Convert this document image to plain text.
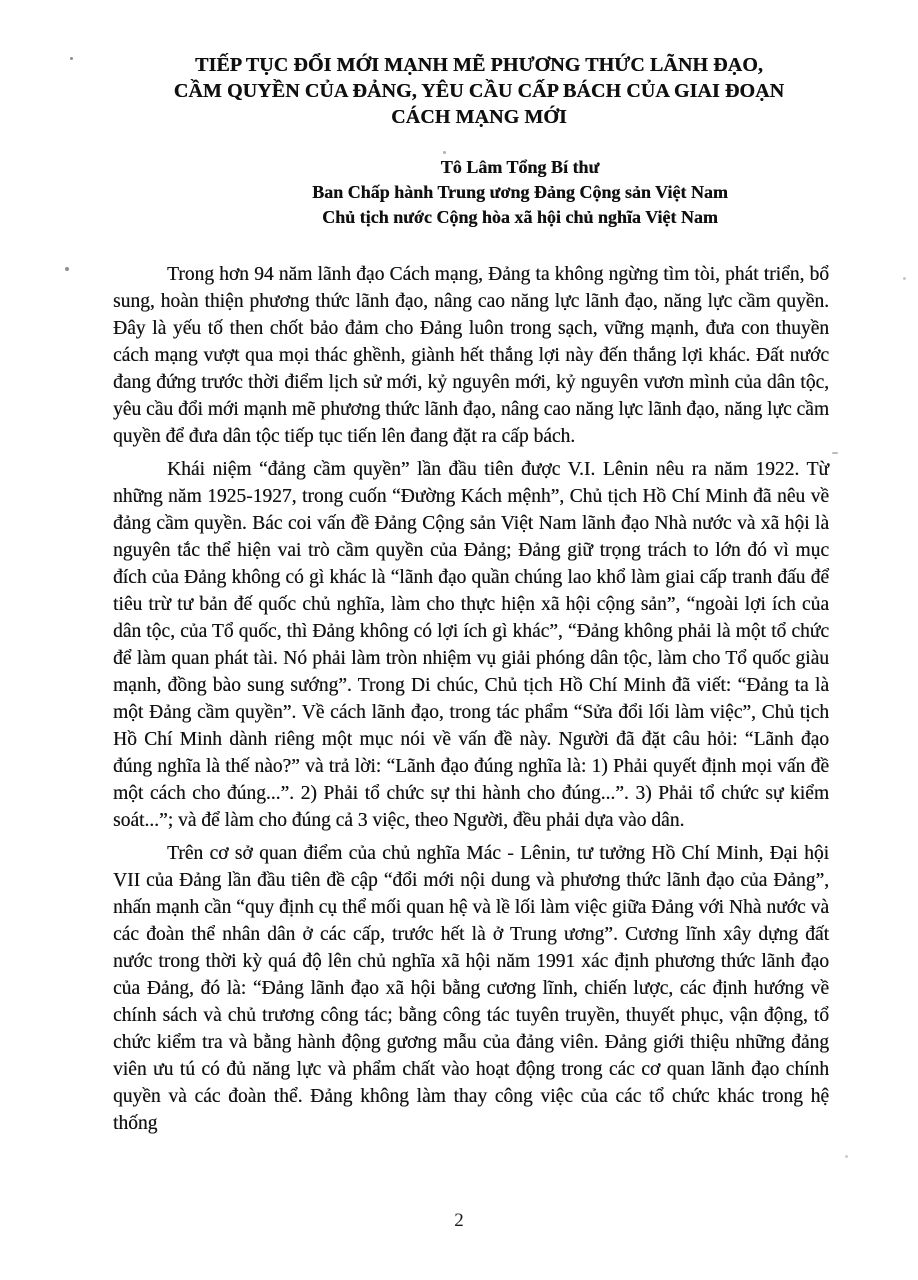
TIẾP TỤC ĐỔI MỚI MẠNH MẼ PHƯƠNG THỨC LÃNH ĐẠO,
CẦM QUYỀN CỦA ĐẢNG, YÊU CẦU CẤP BÁCH CỦA GIAI ĐOẠN
CÁCH MẠNG MỚI
Tô Lâm Tổng Bí thư
Ban Chấp hành Trung ương Đảng Cộng sản Việt Nam
Chủ tịch nước Cộng hòa xã hội chủ nghĩa Việt Nam

Trong hơn 94 năm lãnh đạo Cách mạng, Đảng ta không ngừng tìm tòi, phát triển, bổ sung, hoàn thiện phương thức lãnh đạo, nâng cao năng lực lãnh đạo, năng lực cầm quyền. Đây là yếu tố then chốt bảo đảm cho Đảng luôn trong sạch, vững mạnh, đưa con thuyền cách mạng vượt qua mọi thác ghềnh, giành hết thắng lợi này đến thắng lợi khác. Đất nước đang đứng trước thời điểm lịch sử mới, kỷ nguyên mới, kỷ nguyên vươn mình của dân tộc, yêu cầu đổi mới mạnh mẽ phương thức lãnh đạo, nâng cao năng lực lãnh đạo, năng lực cầm quyền để đưa dân tộc tiếp tục tiến lên đang đặt ra cấp bách.

Khái niệm “đảng cầm quyền” lần đầu tiên được V.I. Lênin nêu ra năm 1922. Từ những năm 1925-1927, trong cuốn “Đường Kách mệnh”, Chủ tịch Hồ Chí Minh đã nêu về đảng cầm quyền. Bác coi vấn đề Đảng Cộng sản Việt Nam lãnh đạo Nhà nước và xã hội là nguyên tắc thể hiện vai trò cầm quyền của Đảng; Đảng giữ trọng trách to lớn đó vì mục đích của Đảng không có gì khác là “lãnh đạo quần chúng lao khổ làm giai cấp tranh đấu để tiêu trừ tư bản đế quốc chủ nghĩa, làm cho thực hiện xã hội cộng sản”, “ngoài lợi ích của dân tộc, của Tổ quốc, thì Đảng không có lợi ích gì khác”, “Đảng không phải là một tổ chức để làm quan phát tài. Nó phải làm tròn nhiệm vụ giải phóng dân tộc, làm cho Tổ quốc giàu mạnh, đồng bào sung sướng”. Trong Di chúc, Chủ tịch Hồ Chí Minh đã viết: “Đảng ta là một Đảng cầm quyền”. Về cách lãnh đạo, trong tác phẩm “Sửa đổi lối làm việc”, Chủ tịch Hồ Chí Minh dành riêng một mục nói về vấn đề này. Người đã đặt câu hỏi: “Lãnh đạo đúng nghĩa là thế nào?” và trả lời: “Lãnh đạo đúng nghĩa là: 1) Phải quyết định mọi vấn đề một cách cho đúng...”. 2) Phải tổ chức sự thi hành cho đúng...”. 3) Phải tổ chức sự kiểm soát...”; và để làm cho đúng cả 3 việc, theo Người, đều phải dựa vào dân.

Trên cơ sở quan điểm của chủ nghĩa Mác - Lênin, tư tưởng Hồ Chí Minh, Đại hội VII của Đảng lần đầu tiên đề cập “đổi mới nội dung và phương thức lãnh đạo của Đảng”, nhấn mạnh cần “quy định cụ thể mối quan hệ và lề lối làm việc giữa Đảng với Nhà nước và các đoàn thể nhân dân ở các cấp, trước hết là ở Trung ương”. Cương lĩnh xây dựng đất nước trong thời kỳ quá độ lên chủ nghĩa xã hội năm 1991 xác định phương thức lãnh đạo của Đảng, đó là: “Đảng lãnh đạo xã hội bằng cương lĩnh, chiến lược, các định hướng về chính sách và chủ trương công tác; bằng công tác tuyên truyền, thuyết phục, vận động, tổ chức kiểm tra và bằng hành động gương mẫu của đảng viên. Đảng giới thiệu những đảng viên ưu tú có đủ năng lực và phẩm chất vào hoạt động trong các cơ quan lãnh đạo chính quyền và các đoàn thể. Đảng không làm thay công việc của các tổ chức khác trong hệ thống

2
